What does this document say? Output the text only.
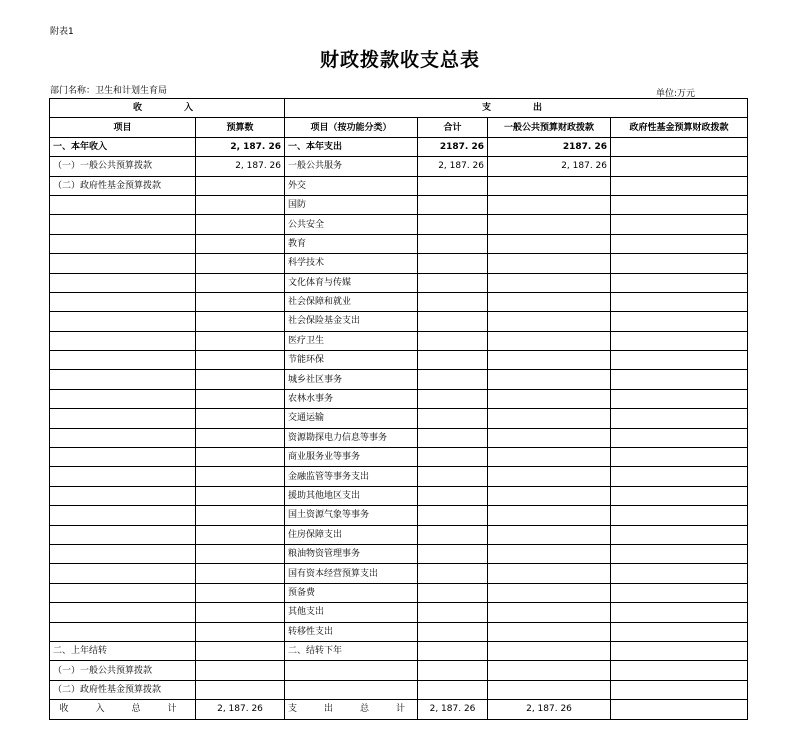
附表1
财政拨款收支总表
部门名称：卫生和计划生育局	单位:万元
收　　入		支　　出			
项目	预算数	项目（按功能分类）	合计	一般公共预算财政拨款	政府性基金预算财政拨款
一、本年收入	2, 187. 26	一、本年支出	2187. 26	2187. 26	
（一）一般公共预算拨款	2, 187. 26	一般公共服务	2, 187. 26	2, 187. 26	
（二）政府性基金预算拨款		外交			
		国防			
		公共安全			
		教育			
		科学技术			
		文化体育与传媒			
		社会保障和就业			
		社会保险基金支出			
		医疗卫生			
		节能环保			
		城乡社区事务			
		农林水事务			
		交通运输			
		资源勘探电力信息等事务			
		商业服务业等事务			
		金融监管等事务支出			
		援助其他地区支出			
		国土资源气象等事务			
		住房保障支出			
		粮油物资管理事务			
		国有资本经营预算支出			
		预备费			
		其他支出			
		转移性支出			
二、上年结转		二、结转下年			
（一）一般公共预算拨款					
（二）政府性基金预算拨款					
收　入　总　计	2, 187. 26	支　出　总　计	2, 187. 26	2, 187. 26	
